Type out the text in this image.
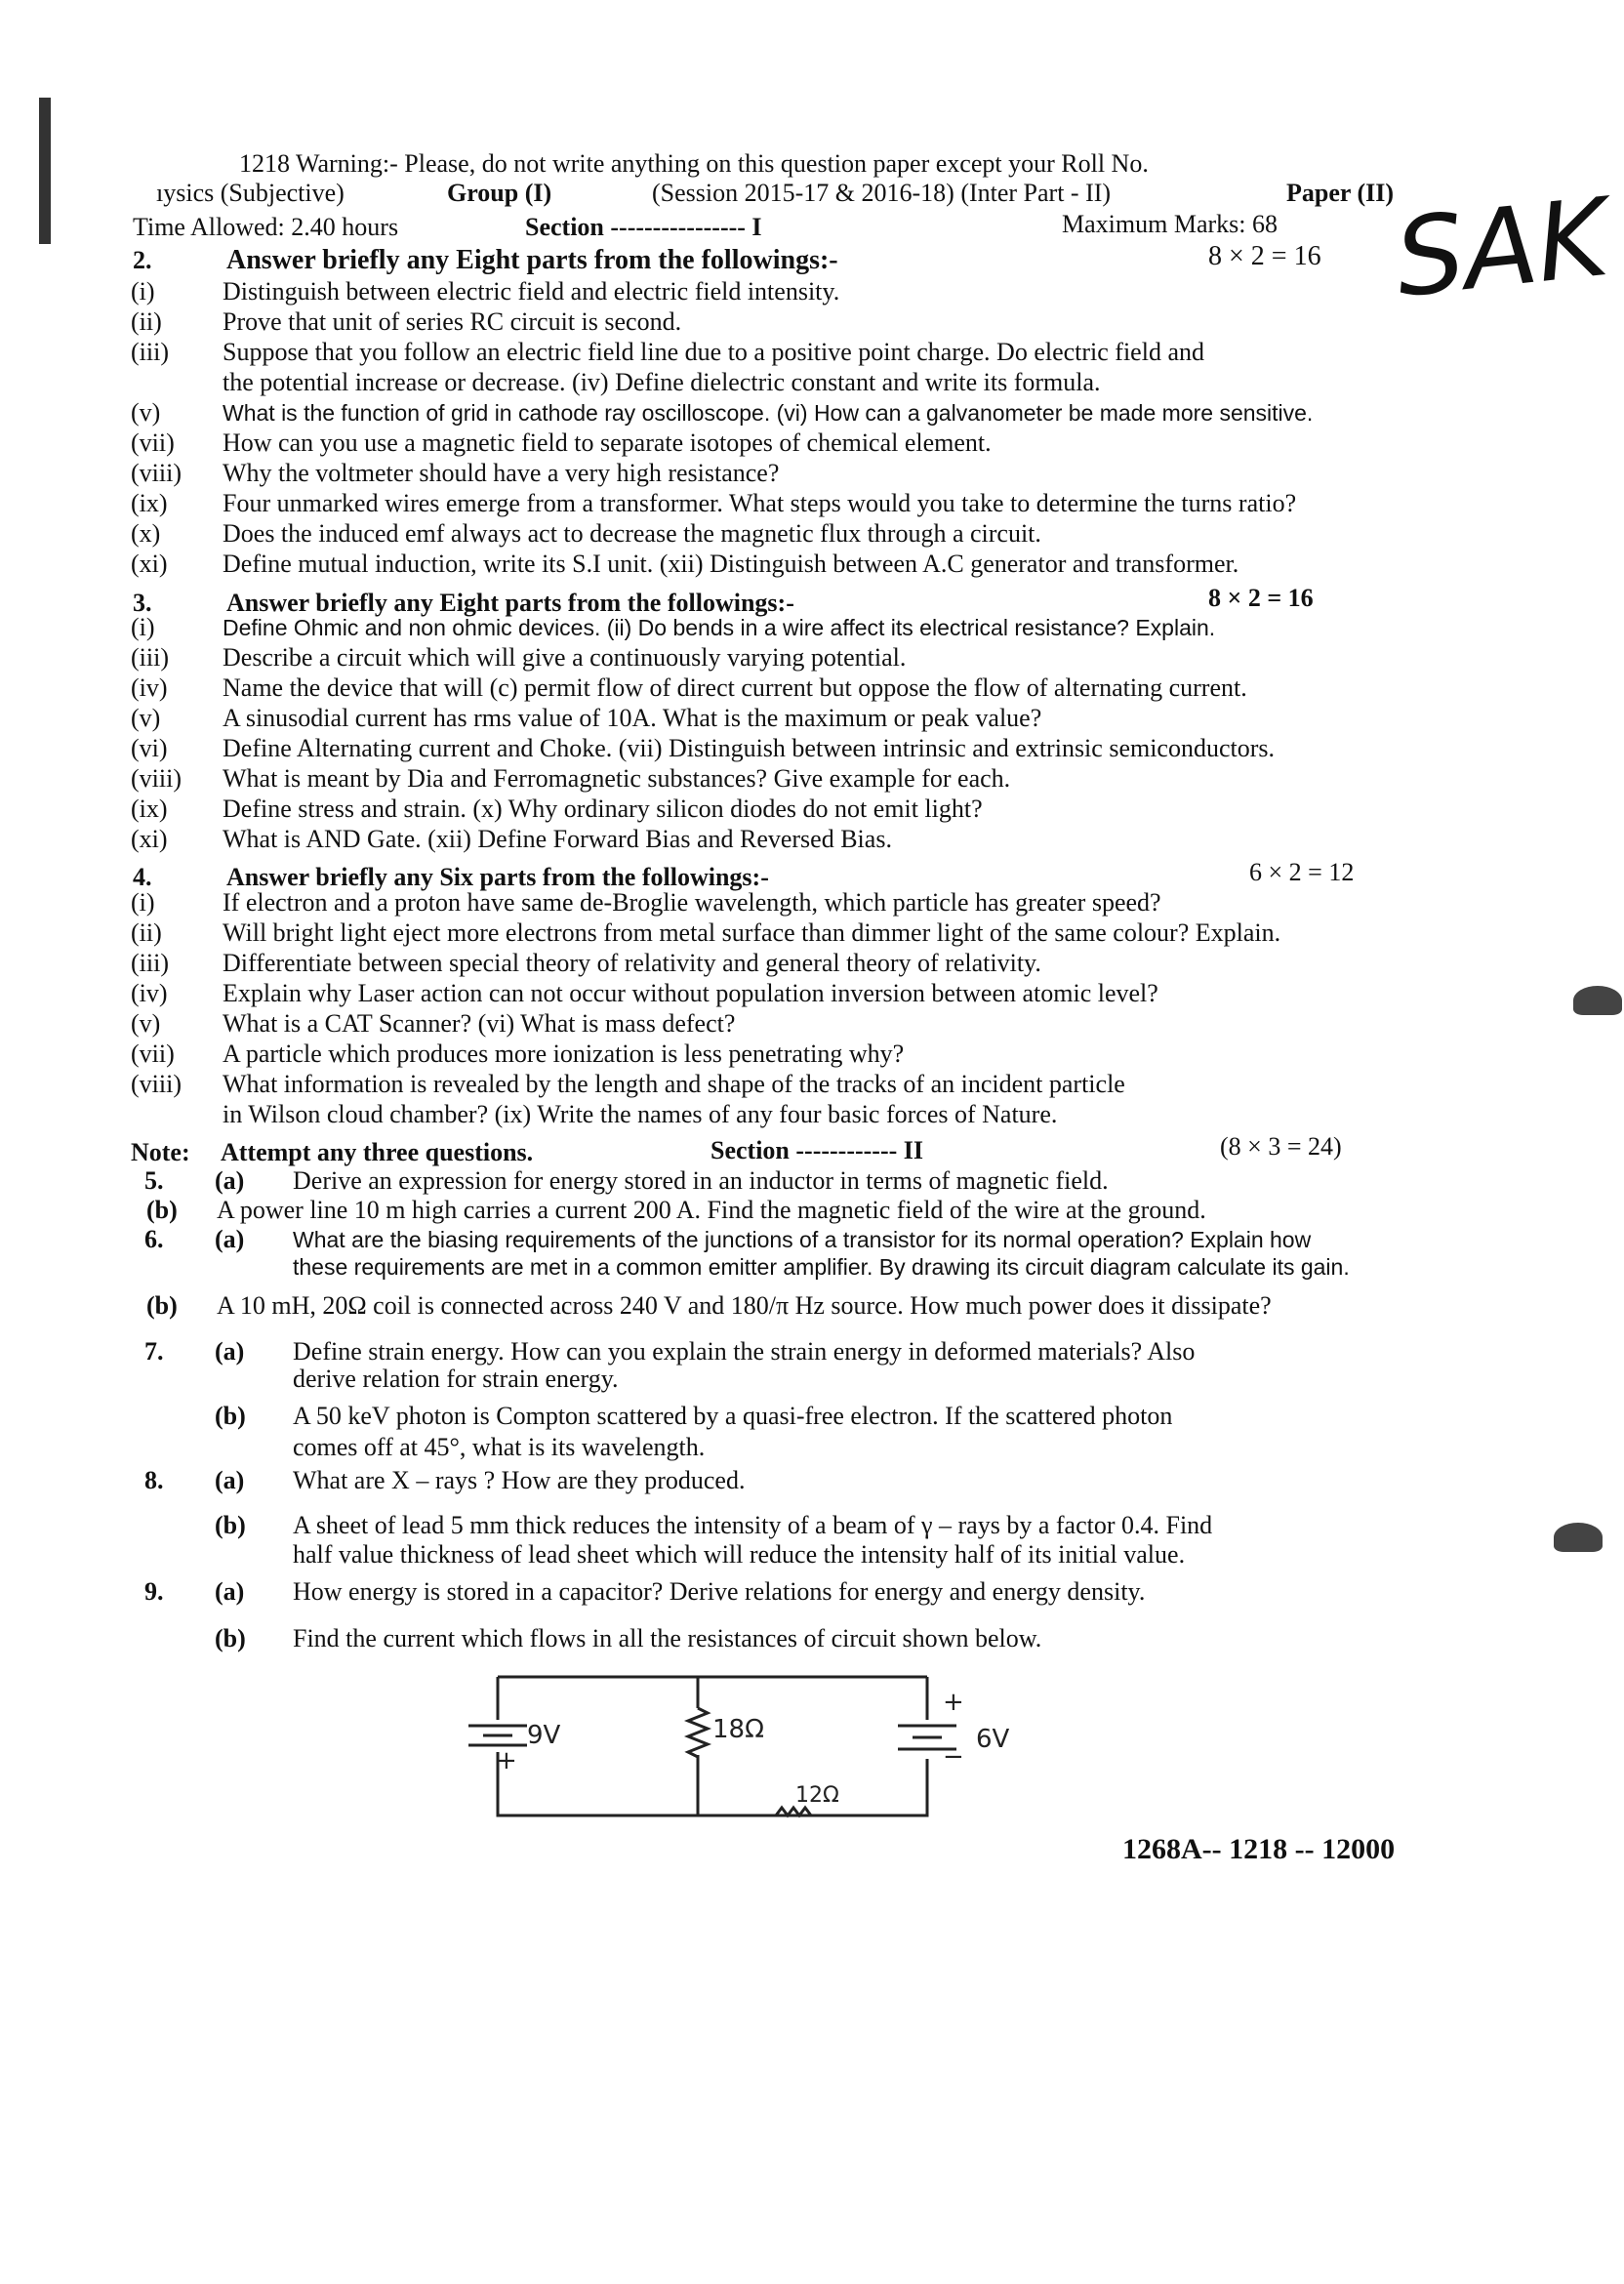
1218 Warning:- Please, do not write anything on this question paper except your Roll No.
ıysics (Subjective)	Group (I)	(Session 2015-17 & 2016-18) (Inter Part - II)	Paper (II)
Time Allowed: 2.40 hours	Section ---------------- I	Maximum Marks: 68 SAK
2.	Answer briefly any Eight parts from the followings:-	8 × 2 = 16
(i)	Distinguish between electric field and electric field intensity.
(ii) Prove that unit of series RC circuit is second.
(iii) Suppose that you follow an electric field line due to a positive point charge. Do electric field and
the potential increase or decrease. (iv) Define dielectric constant and write its formula.
(v)	What is the function of grid in cathode ray oscilloscope. (vi) How can a galvanometer be made more sensitive.
(vii) How can you use a magnetic field to separate isotopes of chemical element.
(viii) Why the voltmeter should have a very high resistance?
(ix) Four unmarked wires emerge from a transformer. What steps would you take to determine the turns ratio?
(x) Does the induced emf always act to decrease the magnetic flux through a circuit.
(xi) Define mutual induction, write its S.I unit. (xii) Distinguish between A.C generator and transformer.
3.	Answer briefly any Eight parts from the followings:-	8 × 2 = 16
(i)	Define Ohmic and non ohmic devices. (ii) Do bends in a wire affect its electrical resistance? Explain.
(iii) Describe a circuit which will give a continuously varying potential.
(iv) Name the device that will (c) permit flow of direct current but oppose the flow of alternating current.
(v) A sinusodial current has rms value of 10A. What is the maximum or peak value?
(vi) Define Alternating current and Choke. (vii) Distinguish between intrinsic and extrinsic semiconductors.
(viii) What is meant by Dia and Ferromagnetic substances? Give example for each.
(ix) Define stress and strain. (x) Why ordinary silicon diodes do not emit light?
(xi) What is AND Gate. (xii) Define Forward Bias and Reversed Bias.
4.	Answer briefly any Six parts from the followings:-	6 × 2 = 12
(i)	If electron and a proton have same de-Broglie wavelength, which particle has greater speed?
(ii) Will bright light eject more electrons from metal surface than dimmer light of the same colour? Explain.
(iii) Differentiate between special theory of relativity and general theory of relativity.
(iv) Explain why Laser action can not occur without population inversion between atomic level?
(v) What is a CAT Scanner? (vi) What is mass defect?
(vii) A particle which produces more ionization is less penetrating why?
(viii) What information is revealed by the length and shape of the tracks of an incident particle
in Wilson cloud chamber? (ix) Write the names of any four basic forces of Nature.
Note: Attempt any three questions.	Section ------------ II	(8 × 3 = 24)
5. (a) Derive an expression for energy stored in an inductor in terms of magnetic field.
(b) A power line 10 m high carries a current 200 A. Find the magnetic field of the wire at the ground.
6. (a) What are the biasing requirements of the junctions of a transistor for its normal operation? Explain how
these requirements are met in a common emitter amplifier. By drawing its circuit diagram calculate its gain.
(b) A 10 mH, 20Ω coil is connected across 240 V and 180/π Hz source. How much power does it dissipate?
7. (a) Define strain energy. How can you explain the strain energy in deformed materials? Also
derive relation for strain energy.
(b) A 50 keV photon is Compton scattered by a quasi-free electron. If the scattered photon
comes off at 45°, what is its wavelength.
8. (a) What are X – rays ? How are they produced.
(b) A sheet of lead 5 mm thick reduces the intensity of a beam of γ – rays by a factor 0.4. Find
half value thickness of lead sheet which will reduce the intensity half of its initial value.
9. (a) How energy is stored in a capacitor? Derive relations for energy and energy density.
(b) Find the current which flows in all the resistances of circuit shown below.
9V	18Ω
12Ω
6V
+
+
−
1268A-- 1218 -- 12000
